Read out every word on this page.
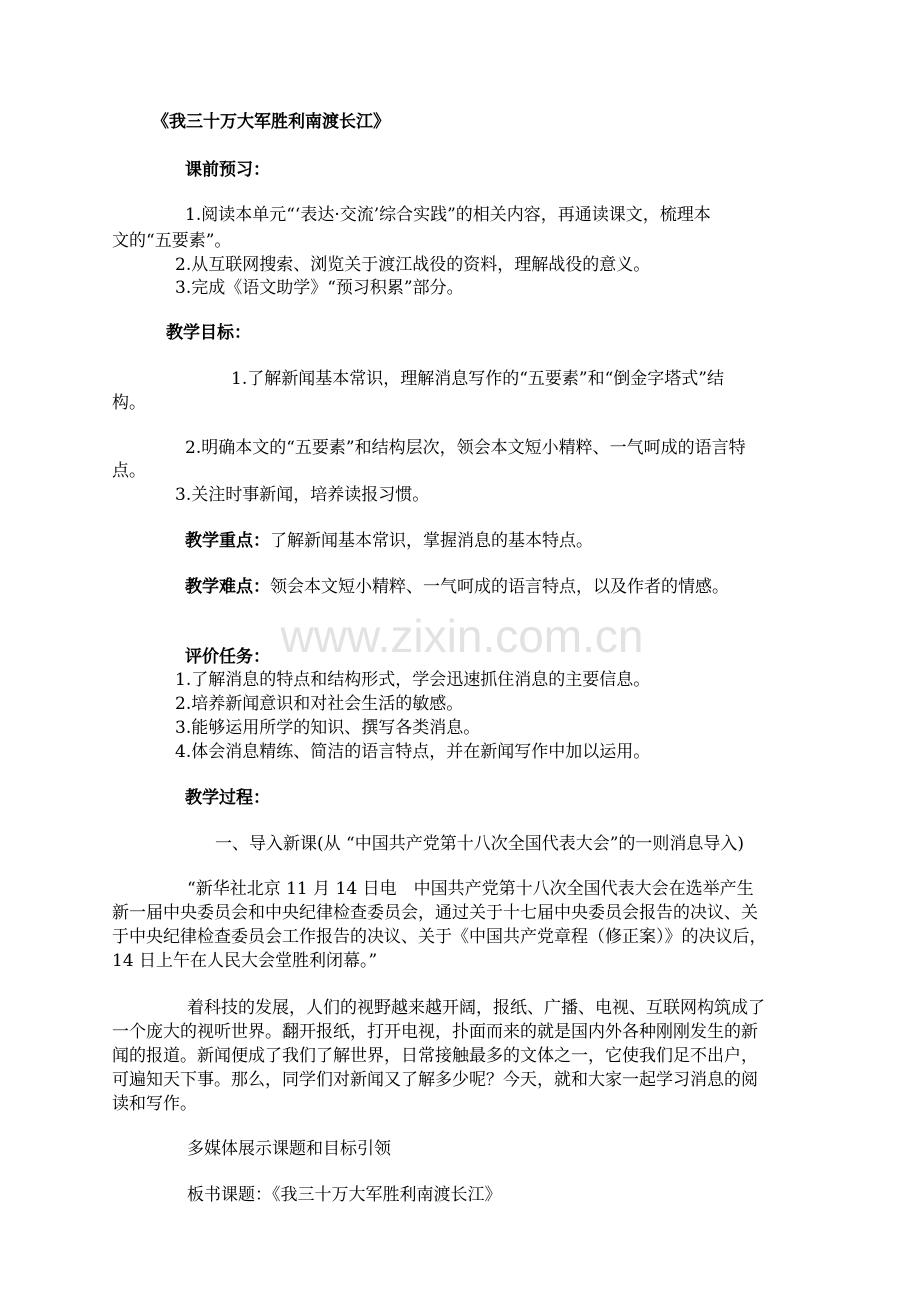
www.zixin.com.cn
《我三十万大军胜利南渡长江》
课前预习：
1.阅读本单元“‘表达·交流’综合实践”的相关内容，再通读课文，梳理本
文的“五要素”。
2.从互联网搜索、浏览关于渡江战役的资料，理解战役的意义。
3.完成《语文助学》“预习积累”部分。
教学目标：
1.了解新闻基本常识，理解消息写作的“五要素”和“倒金字塔式”结
构。
2.明确本文的“五要素”和结构层次，领会本文短小精粹、一气呵成的语言特
点。
3.关注时事新闻，培养读报习惯。
教学重点：了解新闻基本常识，掌握消息的基本特点。
教学难点：领会本文短小精粹、一气呵成的语言特点，以及作者的情感。
评价任务：
1.了解消息的特点和结构形式，学会迅速抓住消息的主要信息。
2.培养新闻意识和对社会生活的敏感。
3.能够运用所学的知识、撰写各类消息。
4.体会消息精练、简洁的语言特点，并在新闻写作中加以运用。
教学过程：
一、导入新课(从 “中国共产党第十八次全国代表大会”的一则消息导入)
“新华社北京 11 月 14 日电　中国共产党第十八次全国代表大会在选举产生
新一届中央委员会和中央纪律检查委员会，通过关于十七届中央委员会报告的决议、关
于中央纪律检查委员会工作报告的决议、关于《中国共产党章程（修正案）》的决议后，
14 日上午在人民大会堂胜利闭幕。”
着科技的发展，人们的视野越来越开阔，报纸、广播、电视、互联网构筑成了
一个庞大的视听世界。翻开报纸，打开电视，扑面而来的就是国内外各种刚刚发生的新
闻的报道。新闻便成了我们了解世界，日常接触最多的文体之一，它使我们足不出户，
可遍知天下事。那么，同学们对新闻又了解多少呢？今天，就和大家一起学习消息的阅
读和写作。
多媒体展示课题和目标引领
板书课题：《我三十万大军胜利南渡长江》
